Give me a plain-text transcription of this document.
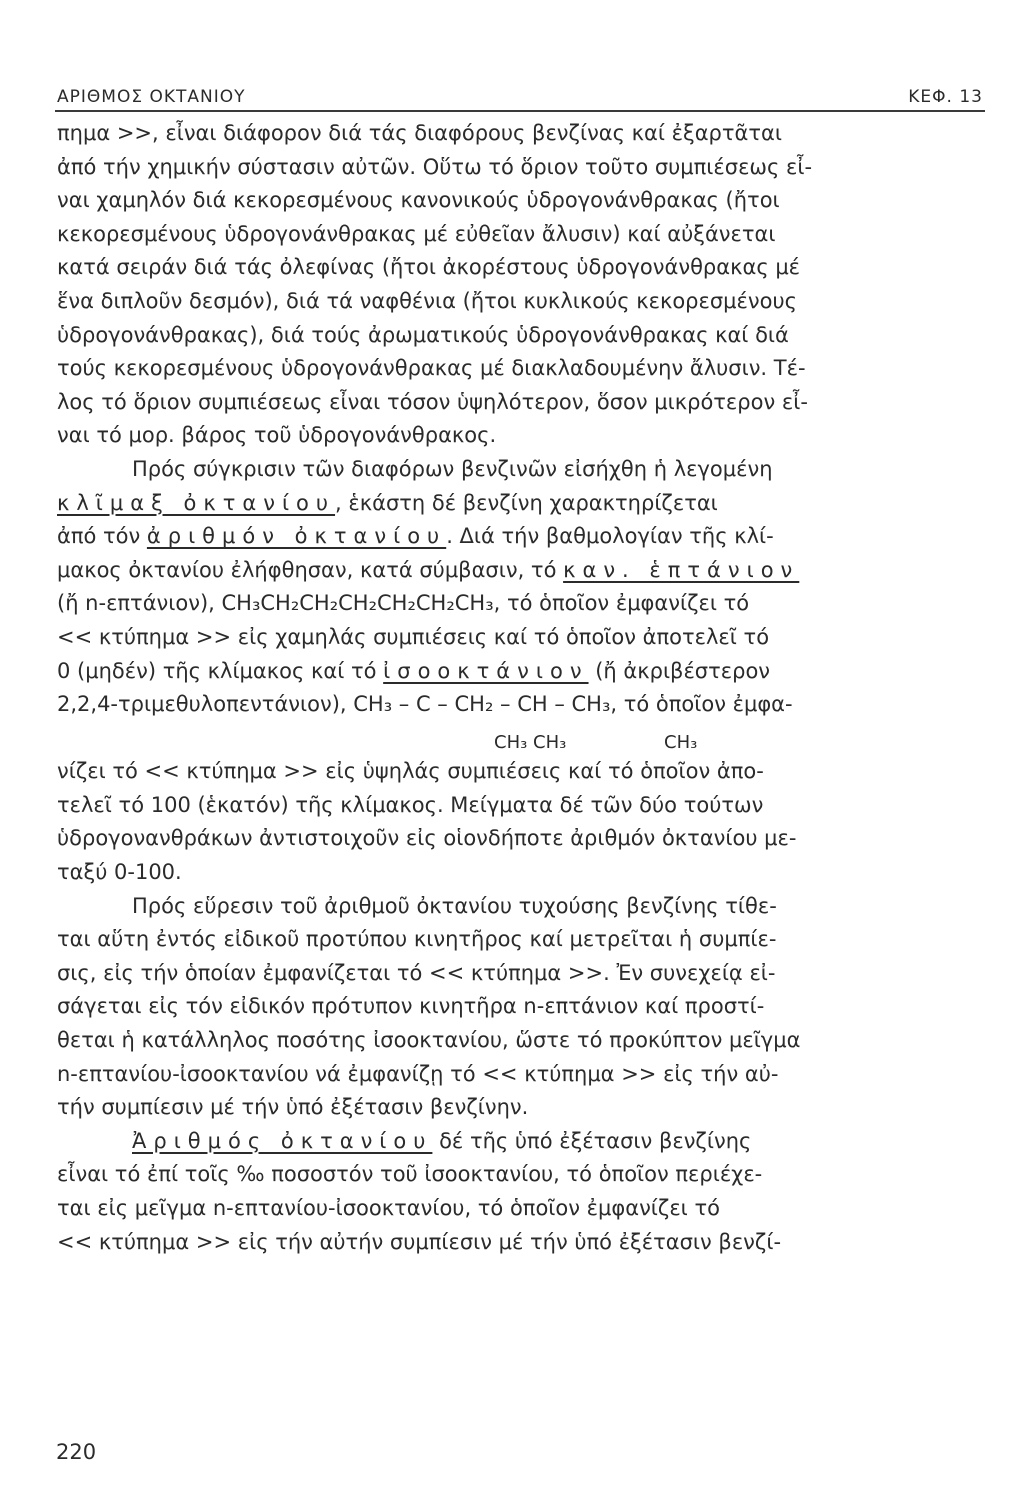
ΑΡΙΘΜΟΣ ΟΚΤΑΝΙΟΥ	ΚΕΦ. 13
πημα >>, εἶναι διάφορον διά τάς διαφόρους βενζίνας καί ἐξαρτᾶται
ἀπό τήν χημικήν σύστασιν αὐτῶν. Οὕτω τό ὅριον τοῦτο συμπιέσεως εἶ-
ναι χαμηλόν διά κεκορεσμένους κανονικούς ὑδρογονάνθρακας (ἤτοι
κεκορεσμένους ὑδρογονάνθρακας μέ εὐθεῖαν ἄλυσιν) καί αὐξάνεται
κατά σειράν διά τάς ὀλεφίνας (ἤτοι ἀκορέστους ὑδρογονάνθρακας μέ
ἕνα διπλοῦν δεσμόν), διά τά ναφθένια (ἤτοι κυκλικούς κεκορεσμένους
ὑδρογονάνθρακας), διά τούς ἀρωματικούς ὑδρογονάνθρακας καί διά
τούς κεκορεσμένους ὑδρογονάνθρακας μέ διακλαδουμένην ἄλυσιν. Τέ-
λος τό ὅριον συμπιέσεως εἶναι τόσον ὑψηλότερον, ὅσον μικρότερον εἶ-
ναι τό μορ. βάρος τοῦ ὑδρογονάνθρακος.
Πρός σύγκρισιν τῶν διαφόρων βενζινῶν εἰσήχθη ἡ λεγομένη
κλῖμαξ ὀκτανίου, ἑκάστη δέ βενζίνη χαρακτηρίζεται
ἀπό τόν ἀριθμόν ὀκτανίου. Διά τήν βαθμολογίαν τῆς κλί-
μακος ὀκτανίου ἐλήφθησαν, κατά σύμβασιν, τό καν. ἑπτάνιον
(ἤ n-επτάνιον), CH₃CH₂CH₂CH₂CH₂CH₂CH₃, τό ὁποῖον ἐμφανίζει τό
<< κτύπημα >> εἰς χαμηλάς συμπιέσεις καί τό ὁποῖον ἀποτελεῖ τό
0 (μηδέν) τῆς κλίμακος καί τό ἰσοοκτάνιον (ἤ ἀκριβέστερον
2,2,4-τριμεθυλοπεντάνιον), CH₃ – C – CH₂ – CH – CH₃, τό ὁποῖον ἐμφα-
CH₃ CH₃	CH₃
νίζει τό << κτύπημα >> εἰς ὑψηλάς συμπιέσεις καί τό ὁποῖον ἀπο-
τελεῖ τό 100 (ἑκατόν) τῆς κλίμακος. Μείγματα δέ τῶν δύο τούτων
ὑδρογονανθράκων ἀντιστοιχοῦν εἰς οἱονδήποτε ἀριθμόν ὀκτανίου με-
ταξύ 0-100.
Πρός εὕρεσιν τοῦ ἀριθμοῦ ὀκτανίου τυχούσης βενζίνης τίθε-
ται αὕτη ἐντός εἰδικοῦ προτύπου κινητῆρος καί μετρεῖται ἡ συμπίε-
σις, εἰς τήν ὁποίαν ἐμφανίζεται τό << κτύπημα >>. Ἐν συνεχείᾳ εἰ-
σάγεται εἰς τόν εἰδικόν πρότυπον κινητῆρα n-επτάνιον καί προστί-
θεται ἡ κατάλληλος ποσότης ἰσοοκτανίου, ὥστε τό προκύπτον μεῖγμα
n-επτανίου-ἰσοοκτανίου νά ἐμφανίζῃ τό << κτύπημα >> εἰς τήν αὐ-
τήν συμπίεσιν μέ τήν ὑπό ἐξέτασιν βενζίνην.
Ἀριθμός ὀκτανίου δέ τῆς ὑπό ἐξέτασιν βενζίνης
εἶναι τό ἐπί τοῖς ‰ ποσοστόν τοῦ ἰσοοκτανίου, τό ὁποῖον περιέχε-
ται εἰς μεῖγμα n-επτανίου-ἰσοοκτανίου, τό ὁποῖον ἐμφανίζει τό
<< κτύπημα >> εἰς τήν αὐτήν συμπίεσιν μέ τήν ὑπό ἐξέτασιν βενζί-
220
